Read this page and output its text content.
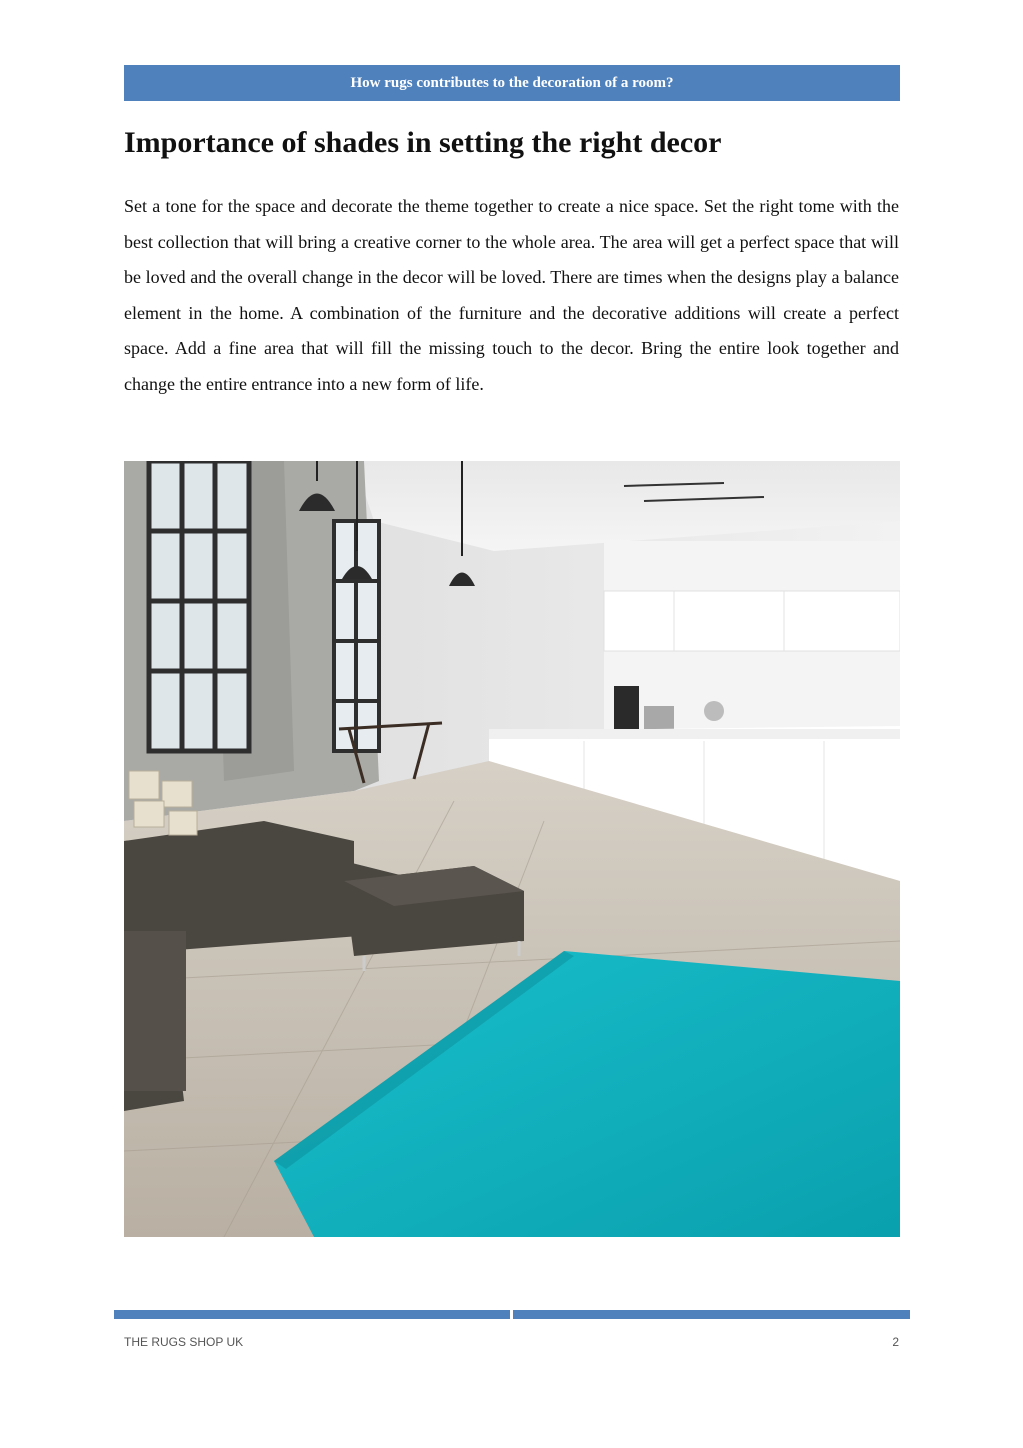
How rugs contributes to the decoration of a room?
Importance of shades in setting the right decor

Set a tone for the space and decorate the theme together to create a nice space. Set the right tome with the best collection that will bring a creative corner to the whole area. The area will get a perfect space that will be loved and the overall change in the decor will be loved. There are times when the designs play a balance element in the home. A combination of the furniture and the decorative additions will create a perfect space. Add a fine area that will fill the missing touch to the decor. Bring the entire look together and change the entire entrance into a new form of life.

THE RUGS SHOP UK	2
